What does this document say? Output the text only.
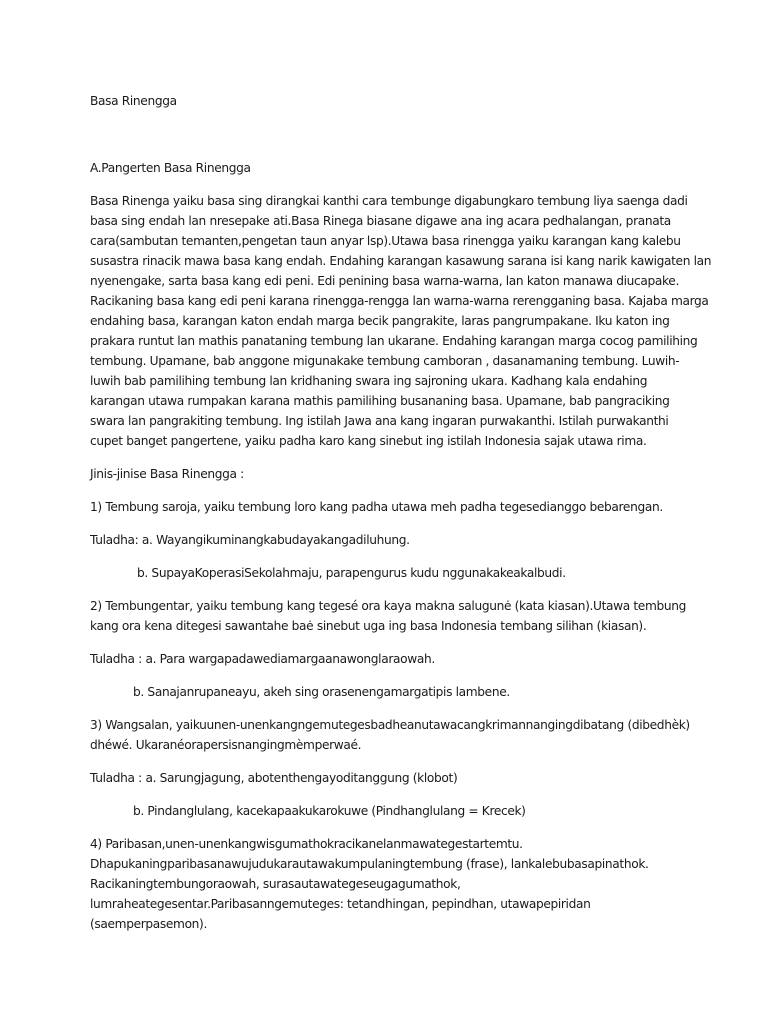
Basa Rinengga
A.Pangerten Basa Rinengga
Basa Rinenga yaiku basa sing dirangkai kanthi cara tembunge digabungkaro tembung liya saenga dadi
basa sing endah lan nresepake ati.Basa Rinega biasane digawe ana ing acara pedhalangan, pranata
cara(sambutan temanten,pengetan taun anyar lsp).Utawa basa rinengga yaiku karangan kang kalebu
susastra rinacik mawa basa kang endah. Endahing karangan kasawung sarana isi kang narik kawigaten lan
nyenengake, sarta basa kang edi peni. Edi penining basa warna-warna, lan katon manawa diucapake.
Racikaning basa kang edi peni karana rinengga-rengga lan warna-warna rerengganing basa. Kajaba marga
endahing basa, karangan katon endah marga becik pangrakite, laras pangrumpakane. Iku katon ing
prakara runtut lan mathis panataning tembung lan ukarane. Endahing karangan marga cocog pamilihing
tembung. Upamane, bab anggone migunakake tembung camboran , dasanamaning tembung. Luwih-
luwih bab pamilihing tembung lan kridhaning swara ing sajroning ukara. Kadhang kala endahing
karangan utawa rumpakan karana mathis pamilihing busananing basa. Upamane, bab pangraciking
swara lan pangrakiting tembung. Ing istilah Jawa ana kang ingaran purwakanthi. Istilah purwakanthi
cupet banget pangertene, yaiku padha karo kang sinebut ing istilah Indonesia sajak utawa rima.
Jinis-jinise Basa Rinengga :
1) Tembung saroja, yaiku tembung loro kang padha utawa meh padha tegesedianggo bebarengan.
Tuladha: a. Wayangikuminangkabudayakangadiluhung.
b. SupayaKoperasiSekolahmaju, parapengurus kudu nggunakakeakalbudi.
2) Tembungentar, yaiku tembung kang tegesé ora kaya makna salugunė (kata kiasan).Utawa tembung
kang ora kena ditegesi sawantahe baė sinebut uga ing basa Indonesia tembang silihan (kiasan).
Tuladha : a. Para wargapadawediamargaanawonglaraowah.
b. Sanajanrupaneayu, akeh sing orasenengamargatipis lambene.
3) Wangsalan, yaikuunen-unenkangngemutegesbadheanutawacangkrimannangingdibatang (dibedhèk)
dhéwé. Ukaranéorapersisnangingmèmperwaé.
Tuladha : a. Sarungjagung, abotenthengayoditanggung (klobot)
b. Pindanglulang, kacekapaakukarokuwe (Pindhanglulang = Krecek)
4) Paribasan,unen-unenkangwisgumathokracikanelanmawategestartemtu.
Dhapukaningparibasanawujudukarautawakumpulaningtembung (frase), lankalebubasapinathok.
Racikaningtembungoraowah, surasautawategeseugagumathok,
lumraheategesentar.Paribasanngemuteges: tetandhingan, pepindhan, utawapepiridan
(saemperpasemon).
